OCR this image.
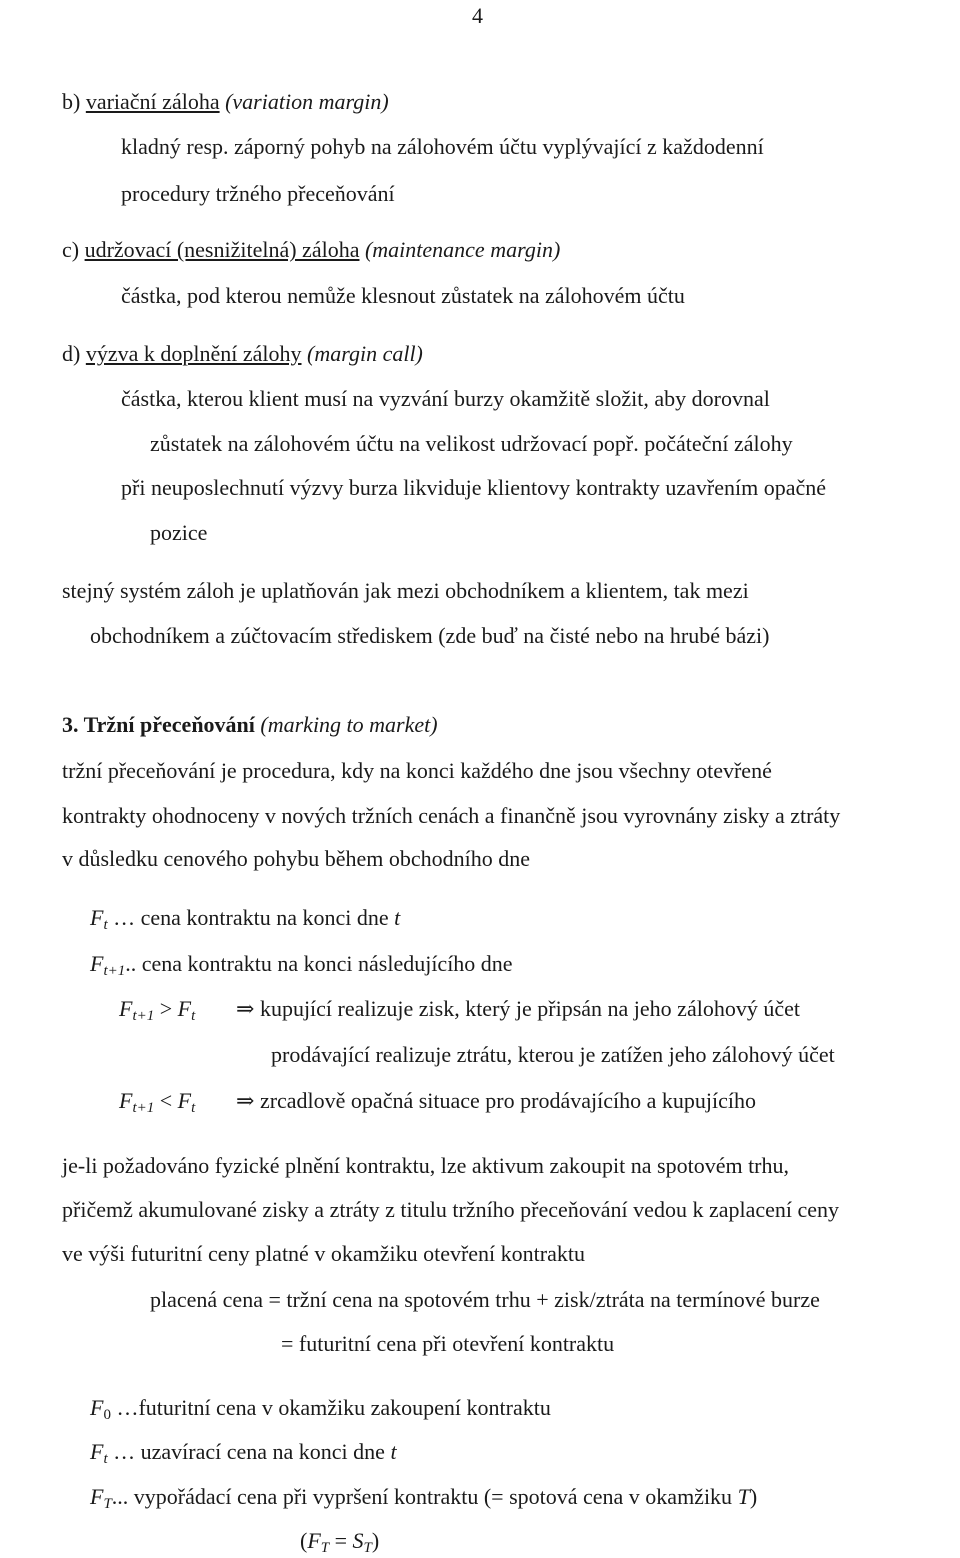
4
b) variační záloha (variation margin)
kladný resp. záporný pohyb na zálohovém účtu vyplývající z každodenní
procedury tržného přeceňování
c) udržovací (nesnižitelná) záloha (maintenance margin)
částka, pod kterou nemůže klesnout zůstatek na zálohovém účtu
d) výzva k doplnění zálohy (margin call)
částka, kterou klient musí na vyzvání burzy okamžitě složit, aby dorovnal
zůstatek na zálohovém účtu na velikost udržovací popř. počáteční zálohy
při neuposlechnutí výzvy burza likviduje klientovy kontrakty uzavřením opačné
pozice
stejný systém záloh je uplatňován jak mezi obchodníkem a klientem, tak mezi
obchodníkem a zúčtovacím střediskem (zde buď na čisté nebo na hrubé bázi)
3. Tržní přeceňování (marking to market)
tržní přeceňování je procedura, kdy na konci každého dne jsou všechny otevřené
kontrakty ohodnoceny v nových tržních cenách a finančně jsou vyrovnány zisky a ztráty
v důsledku cenového pohybu během obchodního dne
Ft … cena kontraktu na konci dne t
Ft+1.. cena kontraktu na konci následujícího dne
Ft+1 > Ft ⇒ kupující realizuje zisk, který je připsán na jeho zálohový účet
prodávající realizuje ztrátu, kterou je zatížen jeho zálohový účet
Ft+1 < Ft ⇒ zrcadlově opačná situace pro prodávajícího a kupujícího
je-li požadováno fyzické plnění kontraktu, lze aktivum zakoupit na spotovém trhu,
přičemž akumulované zisky a ztráty z titulu tržního přeceňování vedou k zaplacení ceny
ve výši futuritní ceny platné v okamžiku otevření kontraktu
placená cena = tržní cena na spotovém trhu + zisk/ztráta na termínové burze
= futuritní cena při otevření kontraktu
F0 …futuritní cena v okamžiku zakoupení kontraktu
Ft … uzavírací cena na konci dne t
FT... vypořádací cena při vypršení kontraktu (= spotová cena v okamžiku T)
(FT = ST)
